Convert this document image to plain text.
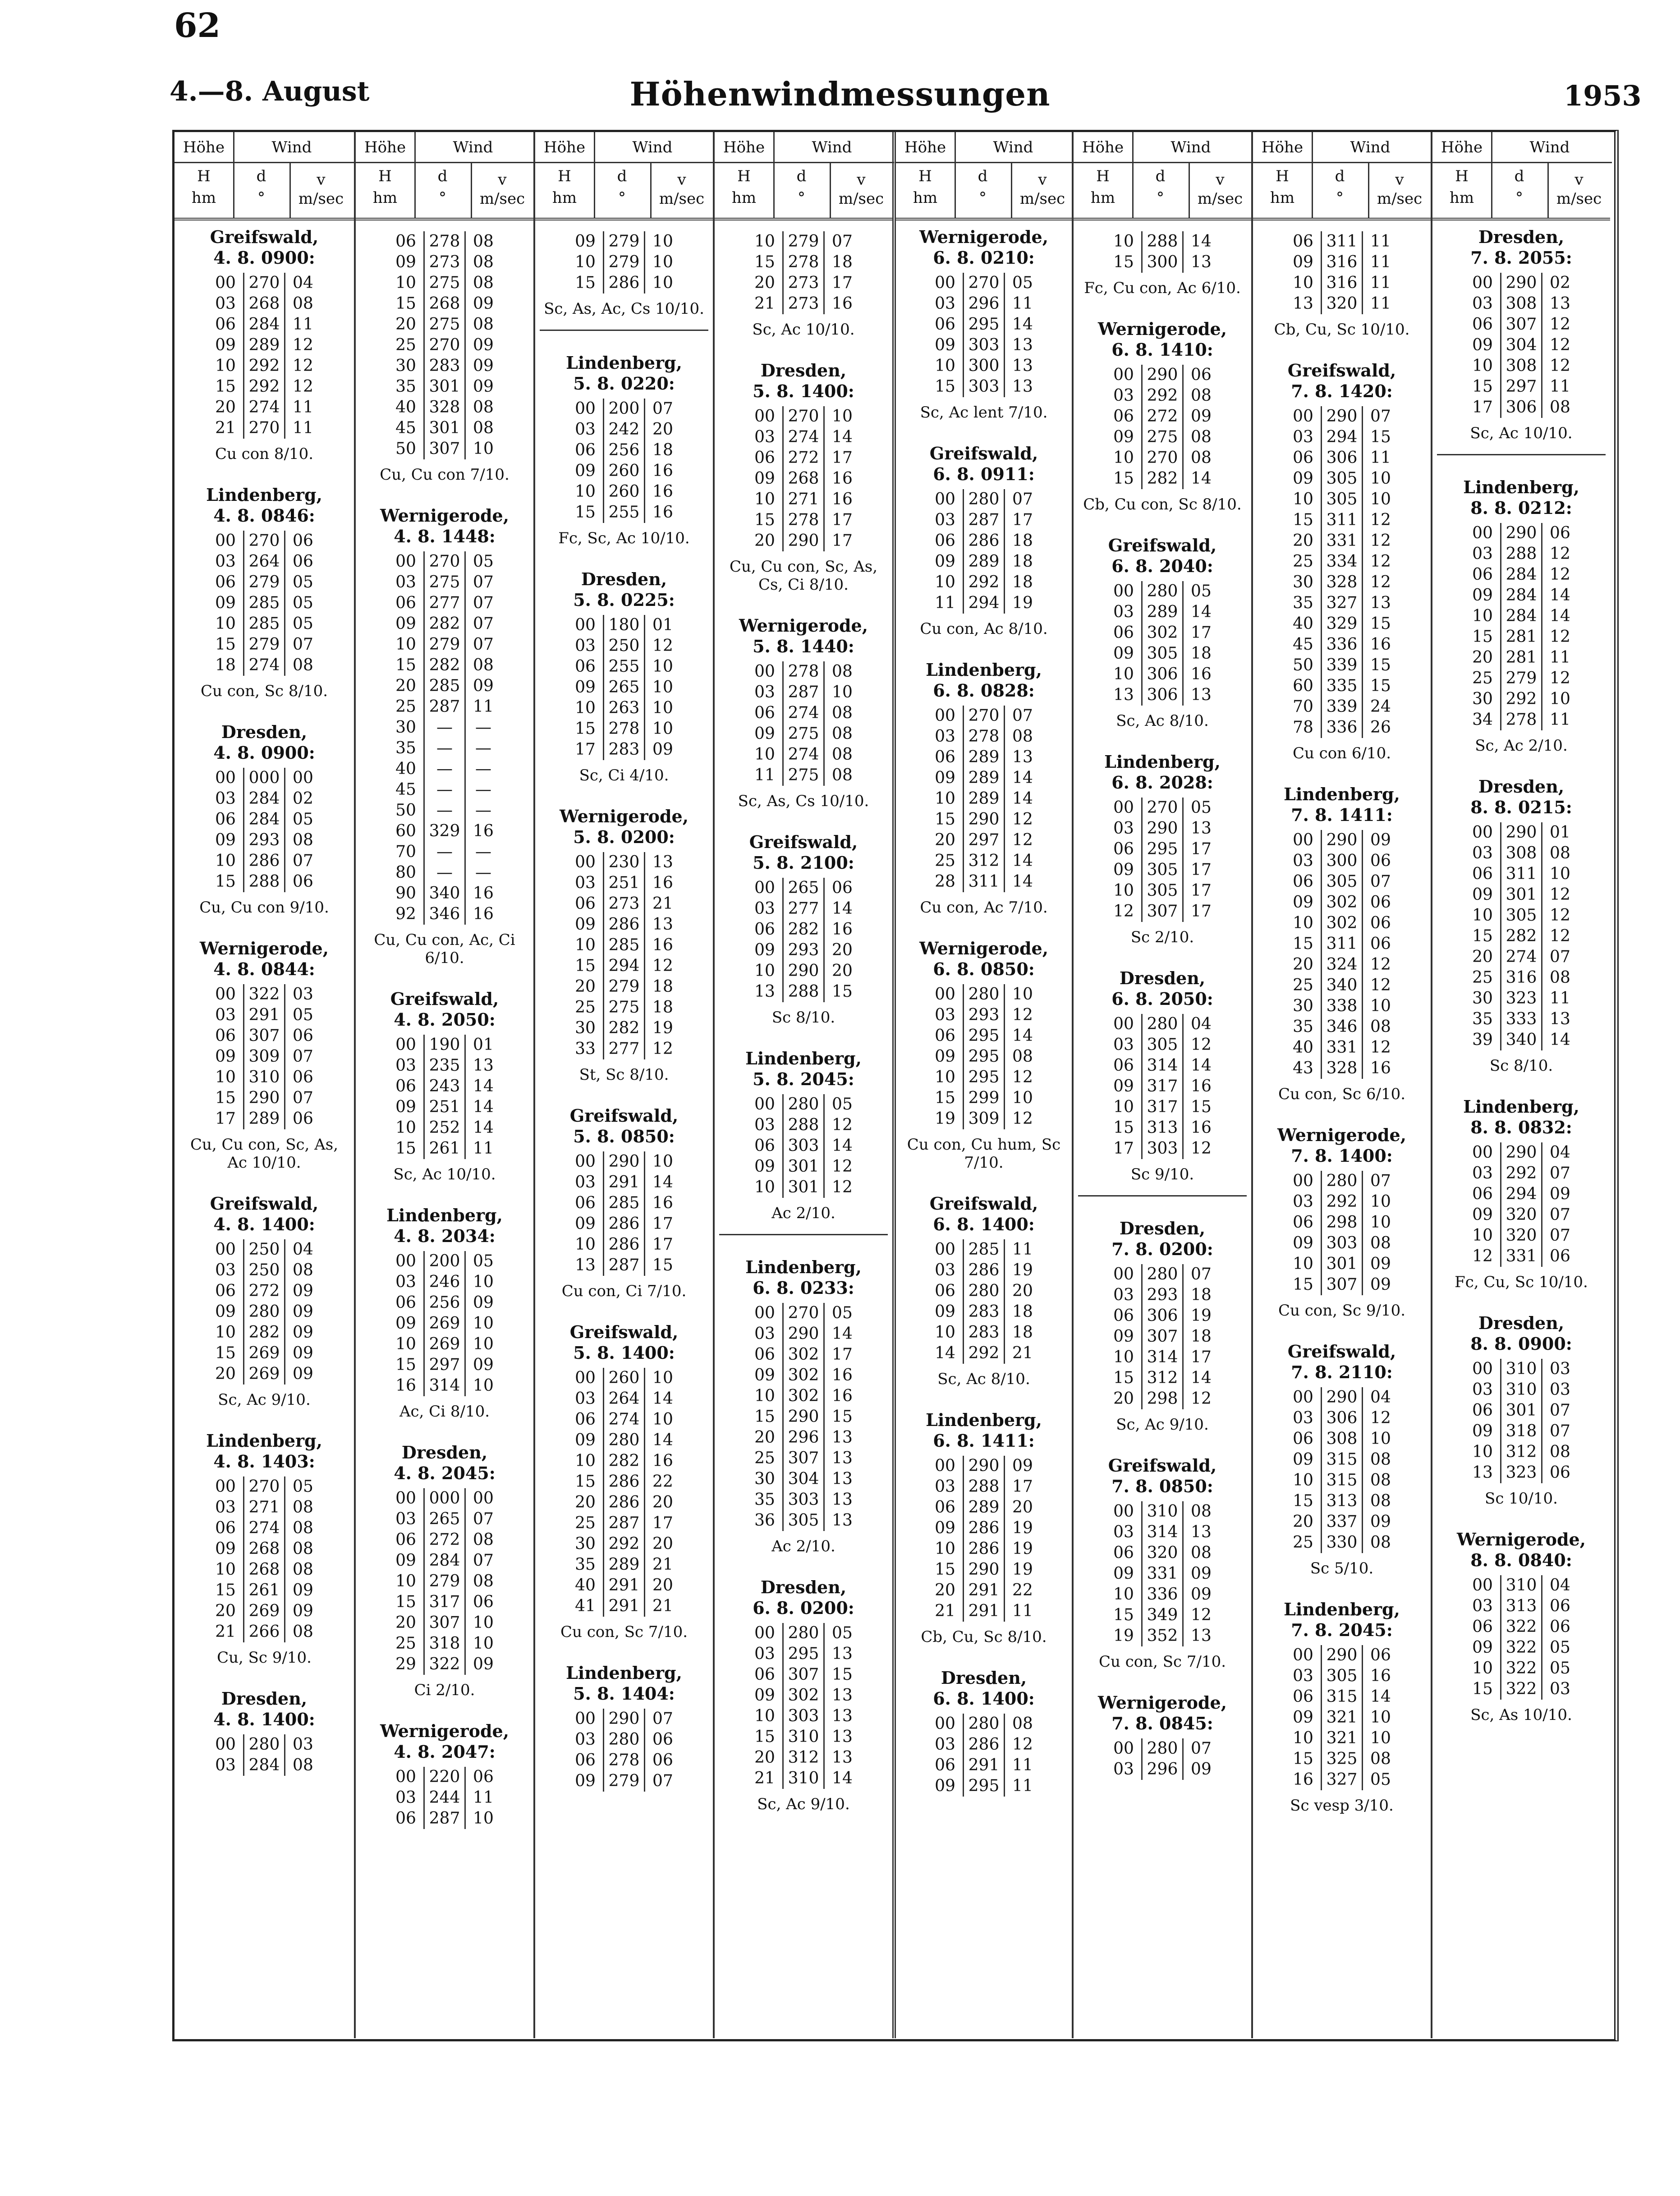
62
4.—8. August	Höhenwindmessungen	1953
Höhe	Wind
H
hm
d
°
v
m/sec
Greifswald,
4. 8. 0900:
00 270 04
03 268 08
06 284 11
09 289 12
10 292 12
15 292 12
20 274 11
21 270 11
Cu con 8/10.
Lindenberg,
4. 8. 0846:
00 270 06
03 264 06
06 279 05
09 285 05
10 285 05
15 279 07
18 274 08
Cu con, Sc 8/10.
Dresden,
4. 8. 0900:
00 000 00
03 284 02
06 284 05
09 293 08
10 286 07
15 288 06
Cu, Cu con 9/10.
Wernigerode,
4. 8. 0844:
00 322 03
03 291 05
06 307 06
09 309 07
10 310 06
15 290 07
17 289 06
Cu, Cu con, Sc, As, Ac 10/10.
Greifswald,
4. 8. 1400:
00 250 04
03 250 08
06 272 09
09 280 09
10 282 09
15 269 09
20 269 09
Sc, Ac 9/10.
Lindenberg,
4. 8. 1403:
00 270 05
03 271 08
06 274 08
09 268 08
10 268 08
15 261 09
20 269 09
21 266 08
Cu, Sc 9/10.
Dresden,
4. 8. 1400:
00 280 03
03 284 08
Höhe	Wind
H
hm
d
°
v
m/sec
06 278 08
09 273 08
10 275 08
15 268 09
20 275 08
25 270 09
30 283 09
35 301 09
40 328 08
45 301 08
50 307 10
Cu, Cu con 7/10.
Wernigerode,
4. 8. 1448:
00 270 05
03 275 07
06 277 07
09 282 07
10 279 07
15 282 08
20 285 09
25 287 11
30	—	—
35	—	—
40	—	—
45	—	—
50	—	—
60 329 16
70	—	—
80	—	—
90 340 16
92 346 16
Cu, Cu con, Ac, Ci 6/10.
Greifswald,
4. 8. 2050:
00 190 01
03 235 13
06 243 14
09 251 14
10 252 14
15 261 11
Sc, Ac 10/10.
Lindenberg,
4. 8. 2034:
00 200 05
03 246 10
06 256 09
09 269 10
10 269 10
15 297 09
16 314 10
Ac, Ci 8/10.
Dresden,
4. 8. 2045:
00 000 00
03 265 07
06 272 08
09 284 07
10 279 08
15 317 06
20 307 10
25 318 10
29 322 09
Ci 2/10.
Wernigerode,
4. 8. 2047:
00 220 06
03 244 11
06 287 10
Höhe	Wind
H
hm
d
°
v
m/sec
09 279 10
10 279 10
15 286 10
Sc, As, Ac, Cs 10/10.
Lindenberg,
5. 8. 0220:
00 200 07
03 242 20
06 256 18
09 260 16
10 260 16
15 255 16
Fc, Sc, Ac 10/10.
Dresden,
5. 8. 0225:
00 180 01
03 250 12
06 255 10
09 265 10
10 263 10
15 278 10
17 283 09
Sc, Ci 4/10.
Wernigerode,
5. 8. 0200:
00 230 13
03 251 16
06 273 21
09 286 13
10 285 16
15 294 12
20 279 18
25 275 18
30 282 19
33 277 12
St, Sc 8/10.
Greifswald,
5. 8. 0850:
00 290 10
03 291 14
06 285 16
09 286 17
10 286 17
13 287 15
Cu con, Ci 7/10.
Greifswald,
5. 8. 1400:
00 260 10
03 264 14
06 274 10
09 280 14
10 282 16
15 286 22
20 286 20
25 287 17
30 292 20
35 289 21
40 291 20
41 291 21
Cu con, Sc 7/10.
Lindenberg,
5. 8. 1404:
00 290 07
03 280 06
06 278 06
09 279 07
Höhe	Wind
H
hm
d
°
v
m/sec
10 279 07
15 278 18
20 273 17
21 273 16
Sc, Ac 10/10.
Dresden,
5. 8. 1400:
00 270 10
03 274 14
06 272 17
09 268 16
10 271 16
15 278 17
20 290 17
Cu, Cu con, Sc, As, Cs, Ci 8/10.
Wernigerode,
5. 8. 1440:
00 278 08
03 287 10
06 274 08
09 275 08
10 274 08
11 275 08
Sc, As, Cs 10/10.
Greifswald,
5. 8. 2100:
00 265 06
03 277 14
06 282 16
09 293 20
10 290 20
13 288 15
Sc 8/10.
Lindenberg,
5. 8. 2045:
00 280 05
03 288 12
06 303 14
09 301 12
10 301 12
Ac 2/10.
Lindenberg,
6. 8. 0233:
00 270 05
03 290 14
06 302 17
09 302 16
10 302 16
15 290 15
20 296 13
25 307 13
30 304 13
35 303 13
36 305 13
Ac 2/10.
Dresden,
6. 8. 0200:
00 280 05
03 295 13
06 307 15
09 302 13
10 303 13
15 310 13
20 312 13
21 310 14
Sc, Ac 9/10.
Höhe	Wind
H
hm
d
°
v
m/sec
Wernigerode,
6. 8. 0210:
00 270 05
03 296 11
06 295 14
09 303 13
10 300 13
15 303 13
Sc, Ac lent 7/10.
Greifswald,
6. 8. 0911:
00 280 07
03 287 17
06 286 18
09 289 18
10 292 18
11 294 19
Cu con, Ac 8/10.
Lindenberg,
6. 8. 0828:
00 270 07
03 278 08
06 289 13
09 289 14
10 289 14
15 290 12
20 297 12
25 312 14
28 311 14
Cu con, Ac 7/10.
Wernigerode,
6. 8. 0850:
00 280 10
03 293 12
06 295 14
09 295 08
10 295 12
15 299 10
19 309 12
Cu con, Cu hum, Sc 7/10.
Greifswald,
6. 8. 1400:
00 285 11
03 286 19
06 280 20
09 283 18
10 283 18
14 292 21
Sc, Ac 8/10.
Lindenberg,
6. 8. 1411:
00 290 09
03 288 17
06 289 20
09 286 19
10 286 19
15 290 19
20 291 22
21 291 11
Cb, Cu, Sc 8/10.
Dresden,
6. 8. 1400:
00 280 08
03 286 12
06 291 11
09 295 11
Höhe	Wind
H
hm
d
°
v
m/sec
10 288 14
15 300 13
Fc, Cu con, Ac 6/10.
Wernigerode,
6. 8. 1410:
00 290 06
03 292 08
06 272 09
09 275 08
10 270 08
15 282 14
Cb, Cu con, Sc 8/10.
Greifswald,
6. 8. 2040:
00 280 05
03 289 14
06 302 17
09 305 18
10 306 16
13 306 13
Sc, Ac 8/10.
Lindenberg,
6. 8. 2028:
00 270 05
03 290 13
06 295 17
09 305 17
10 305 17
12 307 17
Sc 2/10.
Dresden,
6. 8. 2050:
00 280 04
03 305 12
06 314 14
09 317 16
10 317 15
15 313 16
17 303 12
Sc 9/10.
Dresden,
7. 8. 0200:
00 280 07
03 293 18
06 306 19
09 307 18
10 314 17
15 312 14
20 298 12
Sc, Ac 9/10.
Greifswald,
7. 8. 0850:
00 310 08
03 314 13
06 320 08
09 331 09
10 336 09
15 349 12
19 352 13
Cu con, Sc 7/10.
Wernigerode,
7. 8. 0845:
00 280 07
03 296 09
Höhe	Wind
H
hm
d
°
v
m/sec
06 311 11
09 316 11
10 316 11
13 320 11
Cb, Cu, Sc 10/10.
Greifswald,
7. 8. 1420:
00 290 07
03 294 15
06 306 11
09 305 10
10 305 10
15 311 12
20 331 12
25 334 12
30 328 12
35 327 13
40 329 15
45 336 16
50 339 15
60 335 15
70 339 24
78 336 26
Cu con 6/10.
Lindenberg,
7. 8. 1411:
00 290 09
03 300 06
06 305 07
09 302 06
10 302 06
15 311 06
20 324 12
25 340 12
30 338 10
35 346 08
40 331 12
43 328 16
Cu con, Sc 6/10.
Wernigerode,
7. 8. 1400:
00 280 07
03 292 10
06 298 10
09 303 08
10 301 09
15 307 09
Cu con, Sc 9/10.
Greifswald,
7. 8. 2110:
00 290 04
03 306 12
06 308 10
09 315 08
10 315 08
15 313 08
20 337 09
25 330 08
Sc 5/10.
Lindenberg,
7. 8. 2045:
00 290 06
03 305 16
06 315 14
09 321 10
10 321 10
15 325 08
16 327 05
Sc vesp 3/10.
Höhe	Wind
H
hm
d
°
v
m/sec
Dresden,
7. 8. 2055:
00 290 02
03 308 13
06 307 12
09 304 12
10 308 12
15 297 11
17 306 08
Sc, Ac 10/10.
Lindenberg,
8. 8. 0212:
00 290 06
03 288 12
06 284 12
09 284 14
10 284 14
15 281 12
20 281 11
25 279 12
30 292 10
34 278 11
Sc, Ac 2/10.
Dresden,
8. 8. 0215:
00 290 01
03 308 08
06 311 10
09 301 12
10 305 12
15 282 12
20 274 07
25 316 08
30 323 11
35 333 13
39 340 14
Sc 8/10.
Lindenberg,
8. 8. 0832:
00 290 04
03 292 07
06 294 09
09 320 07
10 320 07
12 331 06
Fc, Cu, Sc 10/10.
Dresden,
8. 8. 0900:
00 310 03
03 310 03
06 301 07
09 318 07
10 312 08
13 323 06
Sc 10/10.
Wernigerode,
8. 8. 0840:
00 310 04
03 313 06
06 322 06
09 322 05
10 322 05
15 322 03
Sc, As 10/10.
